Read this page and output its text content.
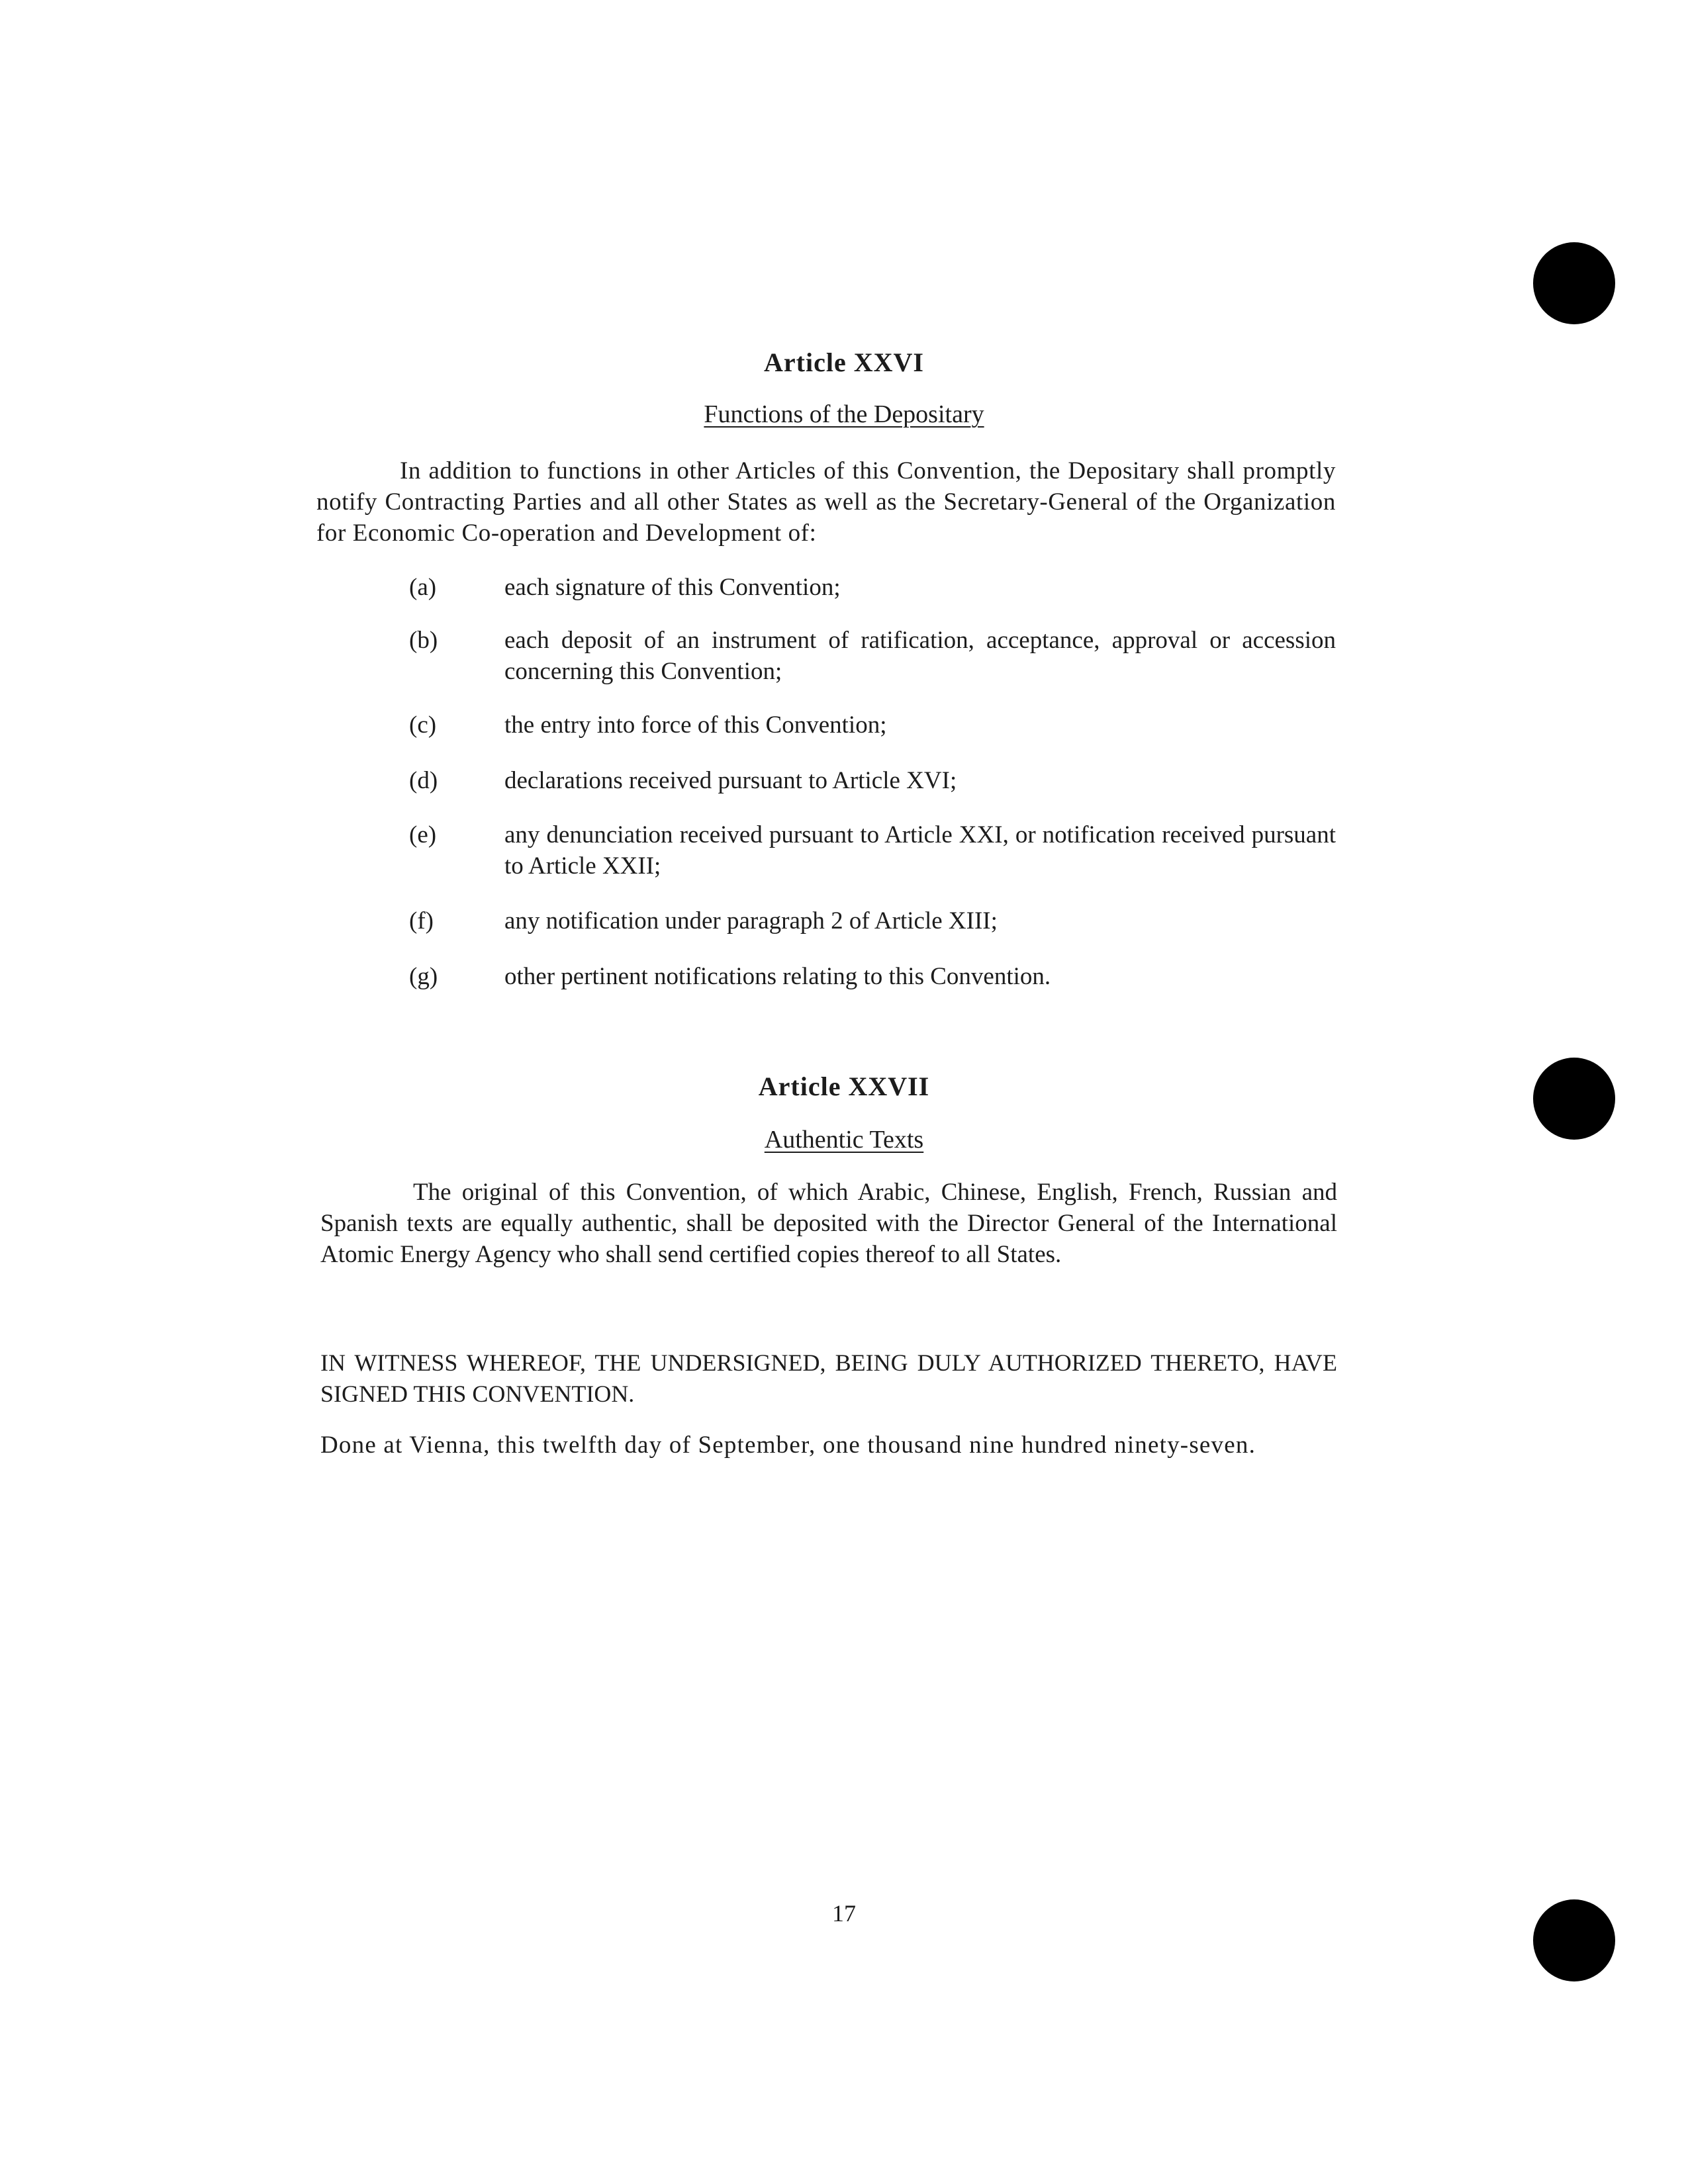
Article XXVI
Functions of the Depositary

In addition to functions in other Articles of this Convention, the Depositary shall promptly notify Contracting Parties and all other States as well as the Secretary-General of the Organization for Economic Co-operation and Development of:

(a)	each signature of this Convention;
(b)	each deposit of an instrument of ratification, acceptance, approval or accession concerning this Convention;
(c)	the entry into force of this Convention;
(d)	declarations received pursuant to Article XVI;
(e)	any denunciation received pursuant to Article XXI, or notification received pursuant to Article XXII;
(f)	any notification under paragraph 2 of Article XIII;
(g)	other pertinent notifications relating to this Convention.
Article XXVII
Authentic Texts

The original of this Convention, of which Arabic, Chinese, English, French, Russian and Spanish texts are equally authentic, shall be deposited with the Director General of the International Atomic Energy Agency who shall send certified copies thereof to all States.

IN WITNESS WHEREOF, THE UNDERSIGNED, BEING DULY AUTHORIZED THERETO, HAVE SIGNED THIS CONVENTION.

Done at Vienna, this twelfth day of September, one thousand nine hundred ninety-seven.

17
